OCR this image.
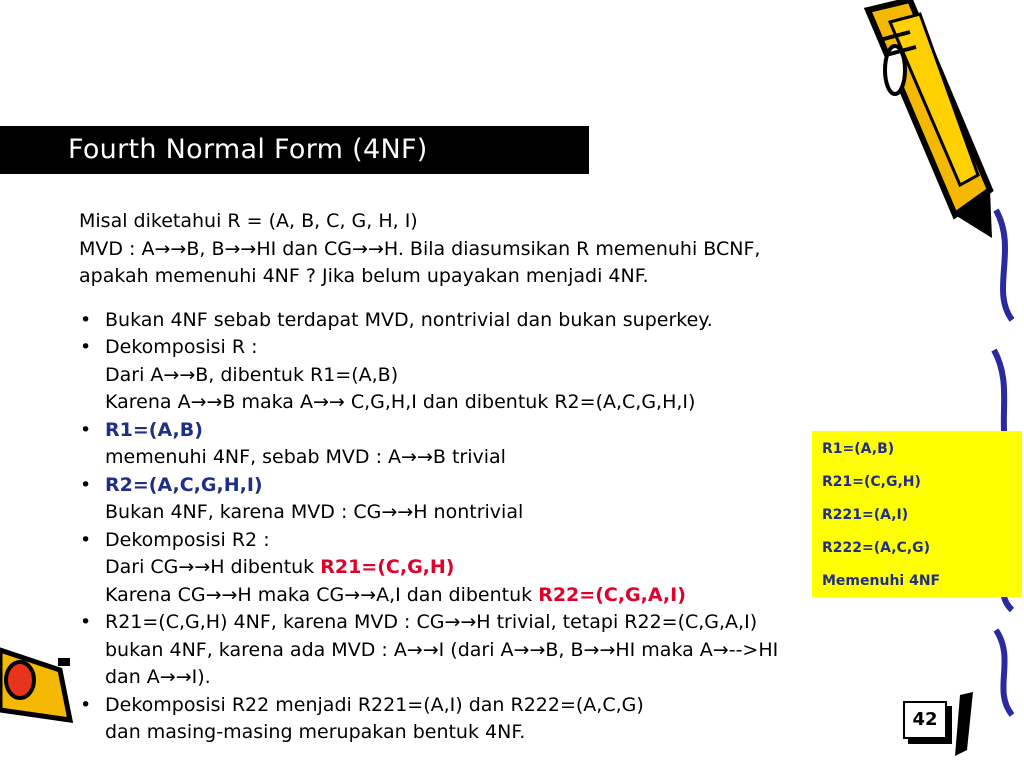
Fourth Normal Form (4NF)
Misal diketahui R = (A, B, C, G, H, I)
MVD : A→→B, B→→HI dan CG→→H. Bila diasumsikan R memenuhi BCNF,
apakah memenuhi 4NF ? Jika belum upayakan menjadi 4NF.
• Bukan 4NF sebab terdapat MVD, nontrivial dan bukan superkey.
• Dekomposisi R :
Dari A→→B, dibentuk R1=(A,B)
Karena A→→B maka A→→ C,G,H,I dan dibentuk R2=(A,C,G,H,I)
• R1=(A,B)
memenuhi 4NF, sebab MVD : A→→B trivial
• R2=(A,C,G,H,I)
Bukan 4NF, karena MVD : CG→→H nontrivial
• Dekomposisi R2 :
Dari CG→→H dibentuk R21=(C,G,H)
Karena CG→→H maka CG→→A,I dan dibentuk R22=(C,G,A,I)
• R21=(C,G,H) 4NF, karena MVD : CG→→H trivial, tetapi R22=(C,G,A,I)
bukan 4NF, karena ada MVD : A→→I (dari A→→B, B→→HI maka A→-->HI
dan A→→I).
• Dekomposisi R22 menjadi R221=(A,I) dan R222=(A,C,G)
dan masing-masing merupakan bentuk 4NF.
R1=(A,B)
R21=(C,G,H)
R221=(A,I)
R222=(A,C,G)
Memenuhi 4NF
42
